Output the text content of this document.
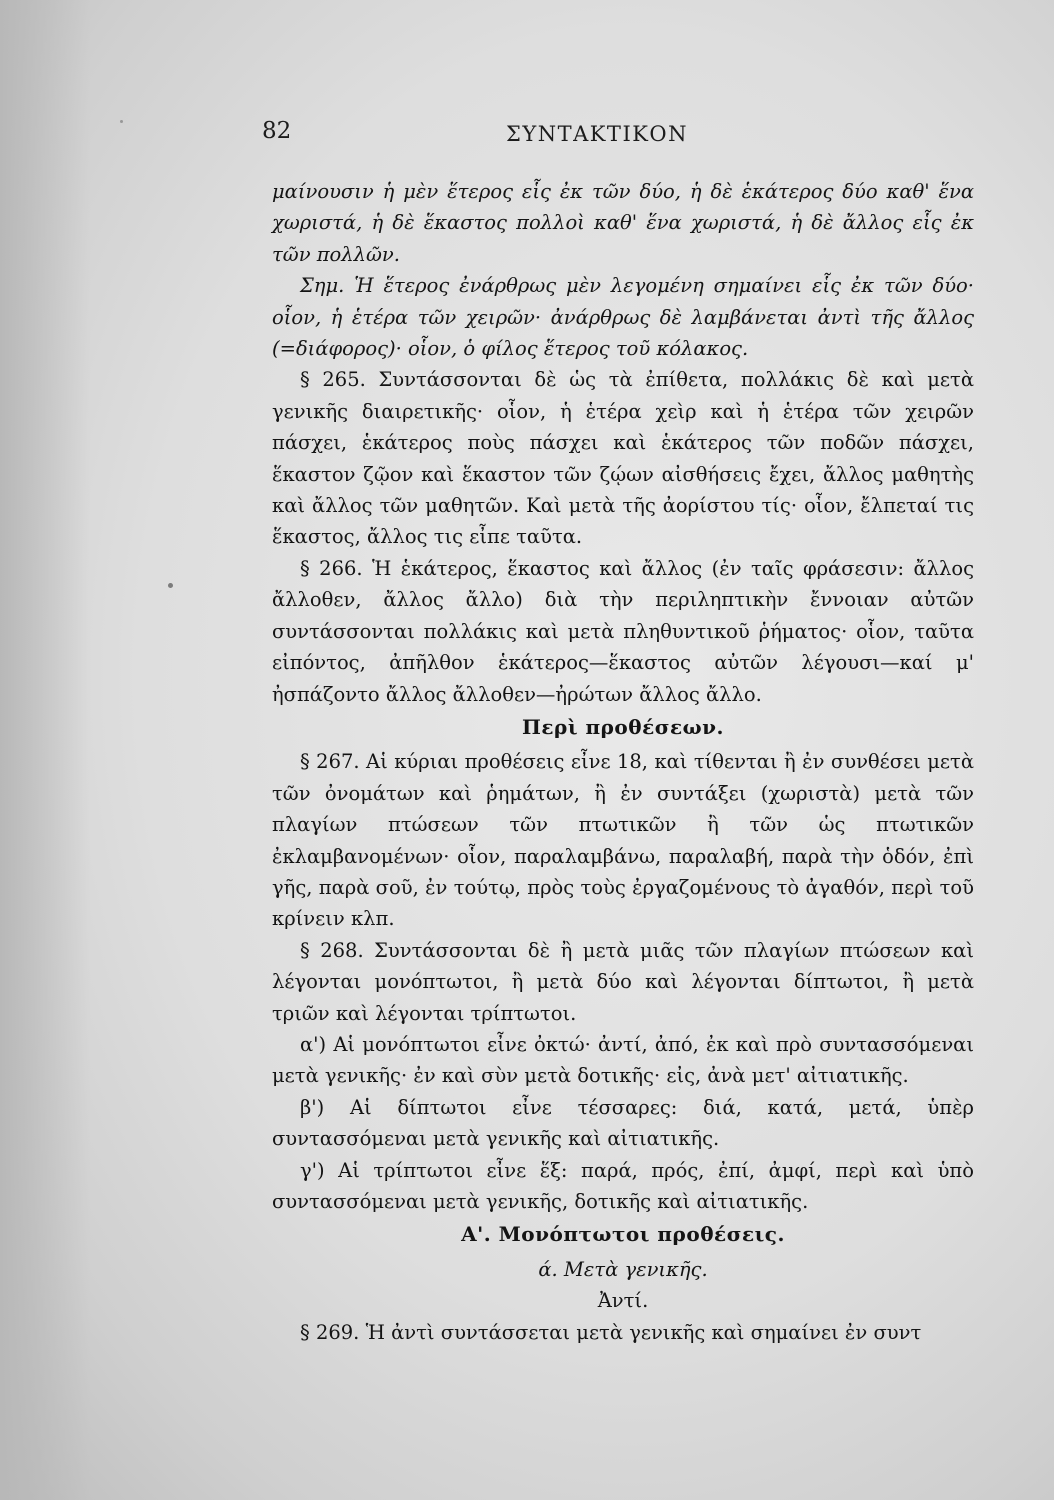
82	ΣΥΝΤΑΚΤΙΚΟΝ

μαίνουσιν ἡ μὲν ἕτερος εἷς ἐκ τῶν δύο, ἡ δὲ ἑκάτερος δύο καθ' ἕνα χωριστά, ἡ δὲ ἕκαστος πολλοὶ καθ' ἕνα χωριστά, ἡ δὲ ἄλλος εἷς ἐκ τῶν πολλῶν.

Σημ. Ἡ ἕτερος ἐνάρθρως μὲν λεγομένη σημαίνει εἷς ἐκ τῶν δύο· οἷον, ἡ ἑτέρα τῶν χειρῶν· ἀνάρθρως δὲ λαμβάνεται ἀντὶ τῆς ἄλλος (=διάφορος)· οἷον, ὁ φίλος ἕτερος τοῦ κόλακος.

§ 265. Συντάσσονται δὲ ὡς τὰ ἐπίθετα, πολλάκις δὲ καὶ μετὰ γενικῆς διαιρετικῆς· οἷον, ἡ ἑτέρα χεὶρ καὶ ἡ ἑτέρα τῶν χειρῶν πάσχει, ἑκάτερος ποὺς πάσχει καὶ ἑκάτερος τῶν ποδῶν πάσχει, ἕκαστον ζῷον καὶ ἕκαστον τῶν ζῴων αἰσθήσεις ἔχει, ἄλλος μαθητὴς καὶ ἄλλος τῶν μαθητῶν. Καὶ μετὰ τῆς ἀορίστου τίς· οἷον, ἔλπεταί τις ἕκαστος, ἄλλος τις εἶπε ταῦτα.

§ 266. Ἡ ἑκάτερος, ἕκαστος καὶ ἄλλος (ἐν ταῖς φράσεσιν: ἄλλος ἄλλοθεν, ἄλλος ἄλλο) διὰ τὴν περιληπτικὴν ἔννοιαν αὐτῶν συντάσσονται πολλάκις καὶ μετὰ πληθυντικοῦ ῥήματος· οἷον, ταῦτα εἰπόντος, ἀπῆλθον ἑκάτερος—ἕκαστος αὐτῶν λέγουσι—καί μ' ἠσπάζοντο ἄλλος ἄλλοθεν—ἠρώτων ἄλλος ἄλλο.

Περὶ προθέσεων.

§ 267. Αἱ κύριαι προθέσεις εἶνε 18, καὶ τίθενται ἢ ἐν συνθέσει μετὰ τῶν ὀνομάτων καὶ ῥημάτων, ἢ ἐν συντάξει (χωριστὰ) μετὰ τῶν πλαγίων πτώσεων τῶν πτωτικῶν ἢ τῶν ὡς πτωτικῶν ἐκλαμβανομένων· οἷον, παραλαμβάνω, παραλαβή, παρὰ τὴν ὁδόν, ἐπὶ γῆς, παρὰ σοῦ, ἐν τούτῳ, πρὸς τοὺς ἐργαζομένους τὸ ἀγαθόν, περὶ τοῦ κρίνειν κλπ.

§ 268. Συντάσσονται δὲ ἢ μετὰ μιᾶς τῶν πλαγίων πτώσεων καὶ λέγονται μονόπτωτοι, ἢ μετὰ δύο καὶ λέγονται δίπτωτοι, ἢ μετὰ τριῶν καὶ λέγονται τρίπτωτοι.

α') Αἱ μονόπτωτοι εἶνε ὀκτώ· ἀντί, ἀπό, ἐκ καὶ πρὸ συντασσόμεναι μετὰ γενικῆς· ἐν καὶ σὺν μετὰ δοτικῆς· εἰς, ἀνὰ μετ' αἰτιατικῆς.

β') Αἱ δίπτωτοι εἶνε τέσσαρες: διά, κατά, μετά, ὑπὲρ συντασσόμεναι μετὰ γενικῆς καὶ αἰτιατικῆς.

γ') Αἱ τρίπτωτοι εἶνε ἕξ: παρά, πρός, ἐπί, ἀμφί, περὶ καὶ ὑπὸ συντασσόμεναι μετὰ γενικῆς, δοτικῆς καὶ αἰτιατικῆς.

Α'. Μονόπτωτοι προθέσεις.
ά. Μετὰ γενικῆς.
Ἀντί.

§ 269. Ἡ ἀντὶ συντάσσεται μετὰ γενικῆς καὶ σημαίνει ἐν συντ
